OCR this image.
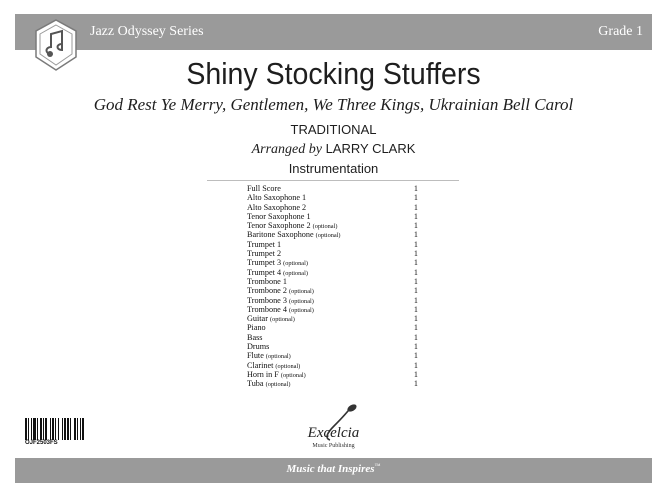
Jazz Odyssey Series	Grade 1
Shiny Stocking Stuffers
God Rest Ye Merry, Gentlemen, We Three Kings, Ukrainian Bell Carol
TRADITIONAL
Arranged by LARRY CLARK
Instrumentation
Full Score	1
Alto Saxophone 1	1
Alto Saxophone 2	1
Tenor Saxophone 1	1
Tenor Saxophone 2 (optional)	1
Baritone Saxophone (optional)	1
Trumpet 1	1
Trumpet 2	1
Trumpet 3 (optional)	1
Trumpet 4 (optional)	1
Trombone 1	1
Trombone 2 (optional)	1
Trombone 3 (optional)	1
Trombone 4 (optional)	1
Guitar (optional)	1
Piano	1
Bass	1
Drums	1
Flute (optional)	1
Clarinet (optional)	1
Horn in F (optional)	1
Tuba (optional)	1
OJF2503FS
Excelcia
Music Publishing
Music that Inspires™
